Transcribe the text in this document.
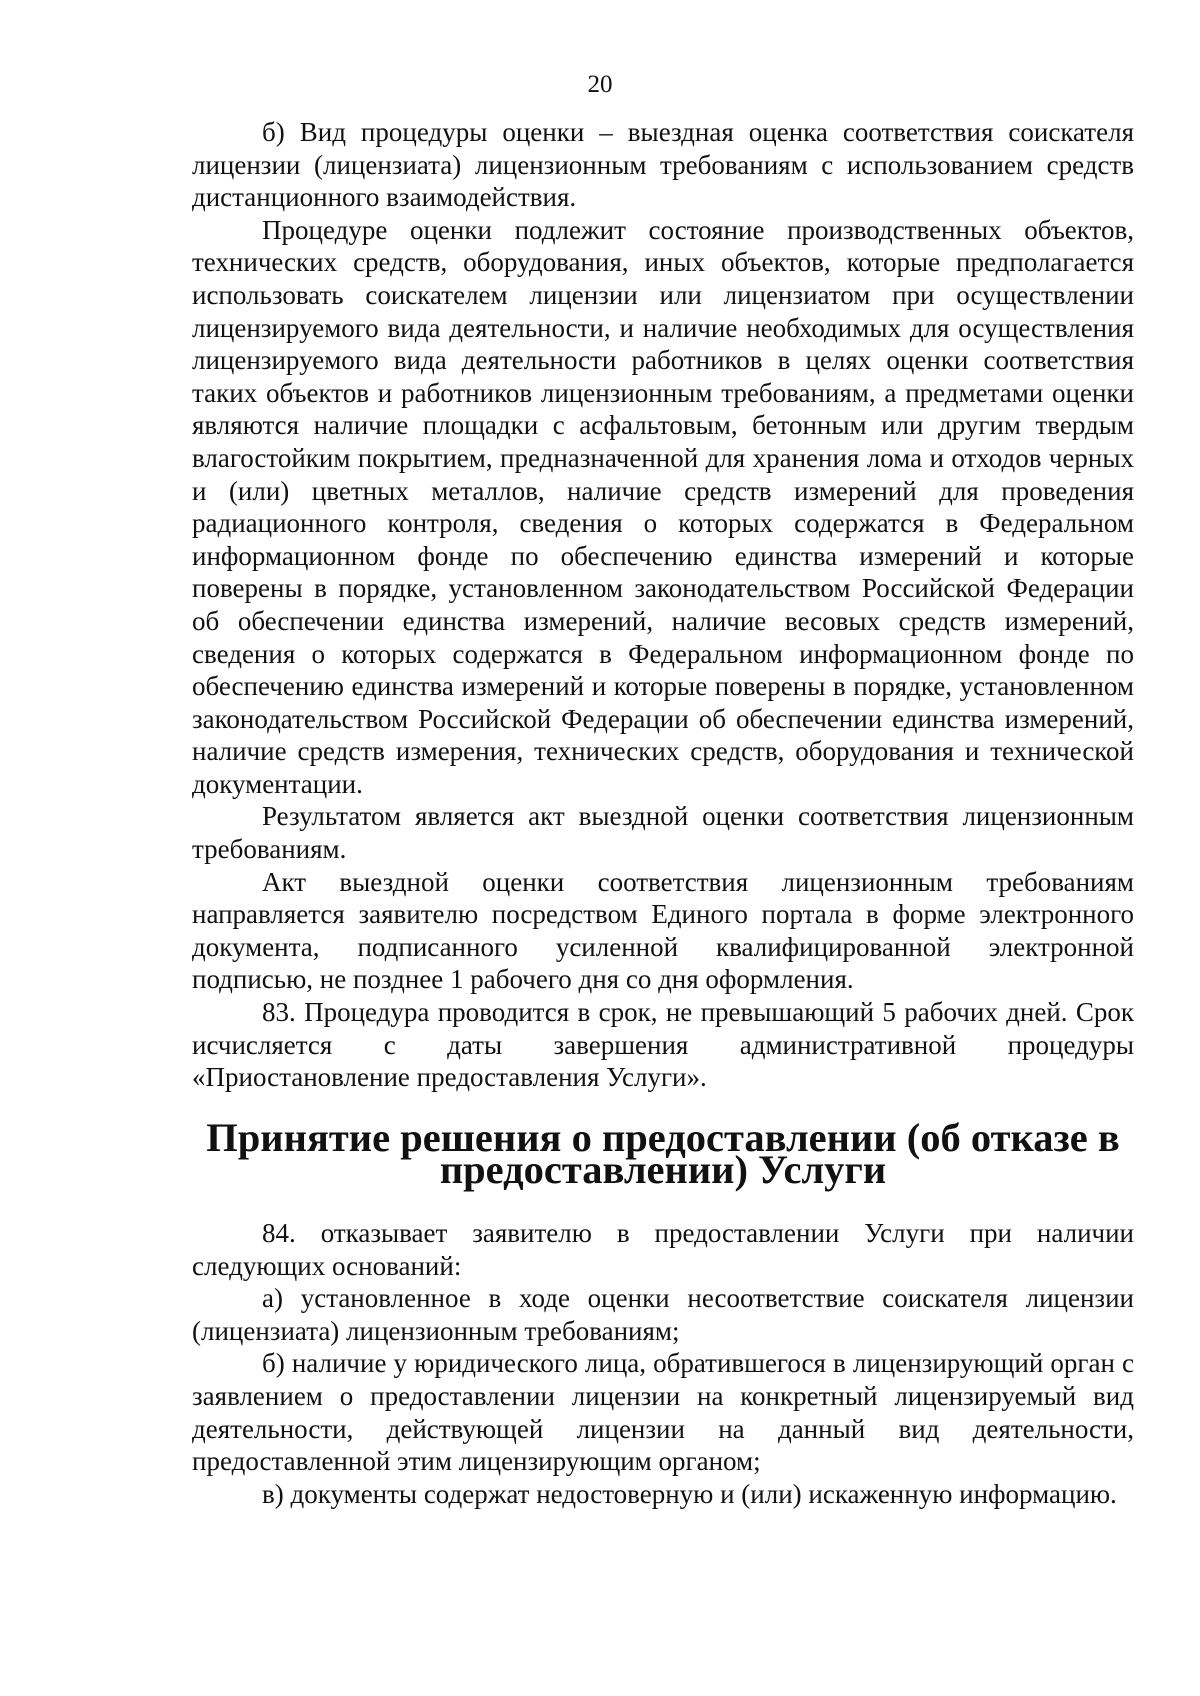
20

б) Вид процедуры оценки – выездная оценка соответствия соискателя лицензии (лицензиата) лицензионным требованиям с использованием средств дистанционного взаимодействия.

Процедуре оценки подлежит состояние производственных объектов, технических средств, оборудования, иных объектов, которые предполагается использовать соискателем лицензии или лицензиатом при осуществлении лицензируемого вида деятельности, и наличие необходимых для осуществления лицензируемого вида деятельности работников в целях оценки соответствия таких объектов и работников лицензионным требованиям, а предметами оценки являются наличие площадки с асфальтовым, бетонным или другим твердым влагостойким покрытием, предназначенной для хранения лома и отходов черных и (или) цветных металлов, наличие средств измерений для проведения радиационного контроля, сведения о которых содержатся в Федеральном информационном фонде по обеспечению единства измерений и которые поверены в порядке, установленном законодательством Российской Федерации об обеспечении единства измерений, наличие весовых средств измерений, сведения о которых содержатся в Федеральном информационном фонде по обеспечению единства измерений и которые поверены в порядке, установленном законодательством Российской Федерации об обеспечении единства измерений, наличие средств измерения, технических средств, оборудования и технической документации.

Результатом является акт выездной оценки соответствия лицензионным требованиям.

Акт выездной оценки соответствия лицензионным требованиям направляется заявителю посредством Единого портала в форме электронного документа, подписанного усиленной квалифицированной электронной подписью, не позднее 1 рабочего дня со дня оформления.

83. Процедура проводится в срок, не превышающий 5 рабочих дней. Срок исчисляется с даты завершения административной процедуры «Приостановление предоставления Услуги».

Принятие решения о предоставлении (об отказе в предоставлении) Услуги

84. отказывает заявителю в предоставлении Услуги при наличии следующих оснований:

а) установленное в ходе оценки несоответствие соискателя лицензии (лицензиата) лицензионным требованиям;

б) наличие у юридического лица, обратившегося в лицензирующий орган с заявлением о предоставлении лицензии на конкретный лицензируемый вид деятельности, действующей лицензии на данный вид деятельности, предоставленной этим лицензирующим органом;

в) документы содержат недостоверную и (или) искаженную информацию.
